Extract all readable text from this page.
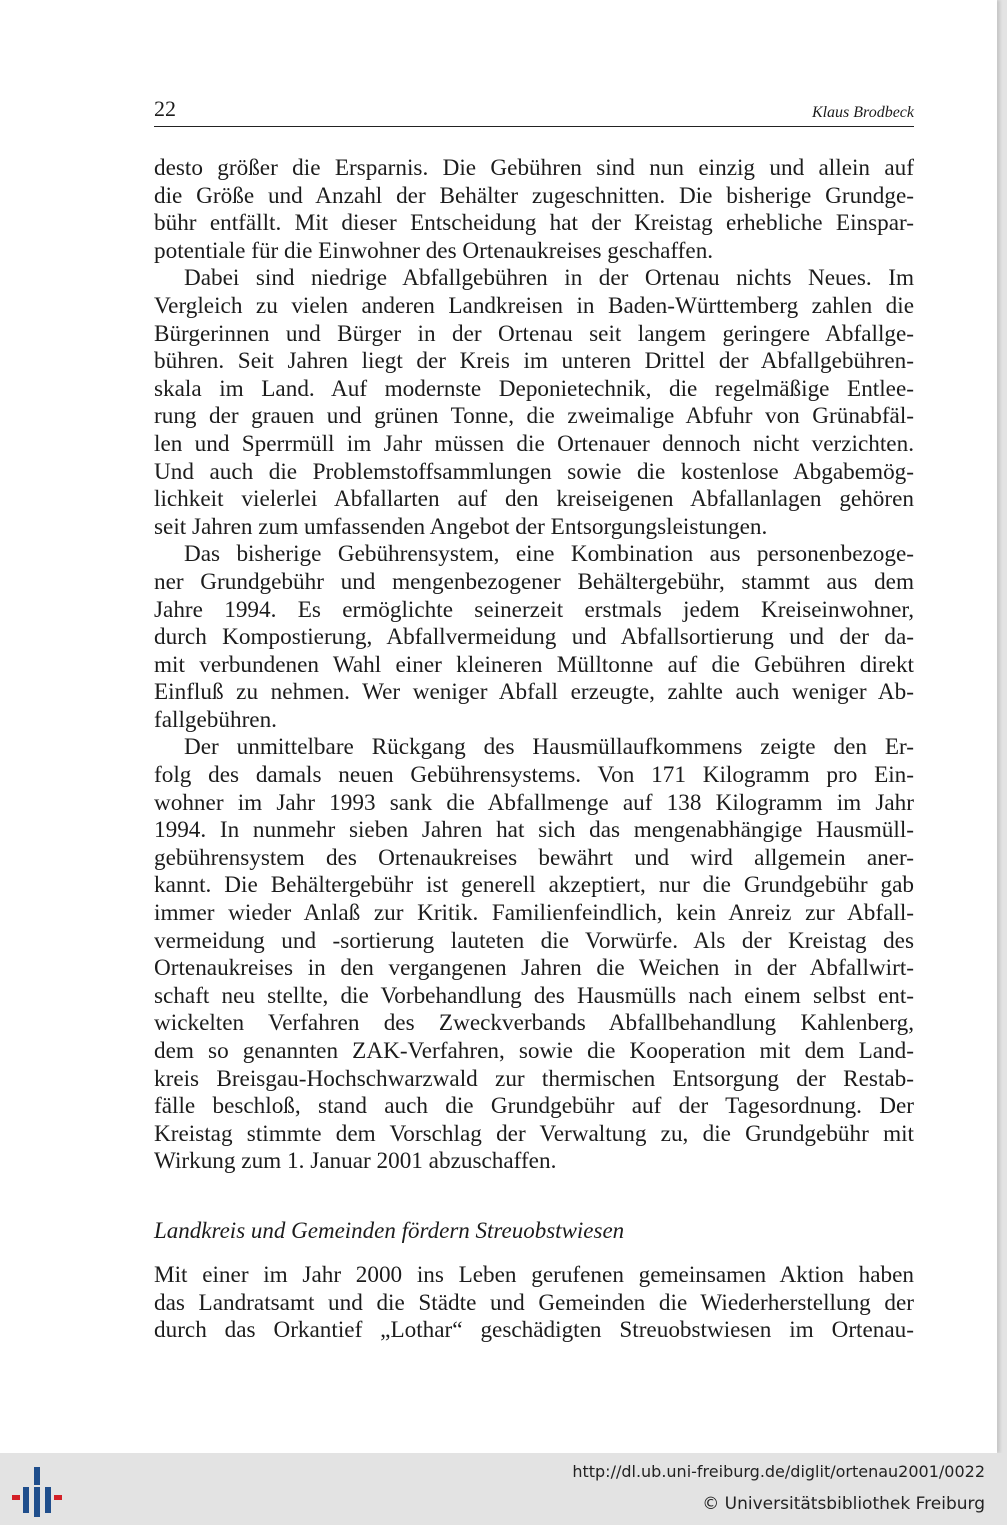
22	Klaus Brodbeck
desto größer die Ersparnis. Die Gebühren sind nun einzig und allein auf
die Größe und Anzahl der Behälter zugeschnitten. Die bisherige Grundge-
bühr entfällt. Mit dieser Entscheidung hat der Kreistag erhebliche Einspar-
potentiale für die Einwohner des Ortenaukreises geschaffen.
Dabei sind niedrige Abfallgebühren in der Ortenau nichts Neues. Im
Vergleich zu vielen anderen Landkreisen in Baden-Württemberg zahlen die
Bürgerinnen und Bürger in der Ortenau seit langem geringere Abfallge-
bühren. Seit Jahren liegt der Kreis im unteren Drittel der Abfallgebühren-
skala im Land. Auf modernste Deponietechnik, die regelmäßige Entlee-
rung der grauen und grünen Tonne, die zweimalige Abfuhr von Grünabfäl-
len und Sperrmüll im Jahr müssen die Ortenauer dennoch nicht verzichten.
Und auch die Problemstoffsammlungen sowie die kostenlose Abgabemög-
lichkeit vielerlei Abfallarten auf den kreiseigenen Abfallanlagen gehören
seit Jahren zum umfassenden Angebot der Entsorgungsleistungen.
Das bisherige Gebührensystem, eine Kombination aus personenbezoge-
ner Grundgebühr und mengenbezogener Behältergebühr, stammt aus dem
Jahre 1994. Es ermöglichte seinerzeit erstmals jedem Kreiseinwohner,
durch Kompostierung, Abfallvermeidung und Abfallsortierung und der da-
mit verbundenen Wahl einer kleineren Mülltonne auf die Gebühren direkt
Einfluß zu nehmen. Wer weniger Abfall erzeugte, zahlte auch weniger Ab-
fallgebühren.
Der unmittelbare Rückgang des Hausmüllaufkommens zeigte den Er-
folg des damals neuen Gebührensystems. Von 171 Kilogramm pro Ein-
wohner im Jahr 1993 sank die Abfallmenge auf 138 Kilogramm im Jahr
1994. In nunmehr sieben Jahren hat sich das mengenabhängige Hausmüll-
gebührensystem des Ortenaukreises bewährt und wird allgemein aner-
kannt. Die Behältergebühr ist generell akzeptiert, nur die Grundgebühr gab
immer wieder Anlaß zur Kritik. Familienfeindlich, kein Anreiz zur Abfall-
vermeidung und -sortierung lauteten die Vorwürfe. Als der Kreistag des
Ortenaukreises in den vergangenen Jahren die Weichen in der Abfallwirt-
schaft neu stellte, die Vorbehandlung des Hausmülls nach einem selbst ent-
wickelten Verfahren des Zweckverbands Abfallbehandlung Kahlenberg,
dem so genannten ZAK-Verfahren, sowie die Kooperation mit dem Land-
kreis Breisgau-Hochschwarzwald zur thermischen Entsorgung der Restab-
fälle beschloß, stand auch die Grundgebühr auf der Tagesordnung. Der
Kreistag stimmte dem Vorschlag der Verwaltung zu, die Grundgebühr mit
Wirkung zum 1. Januar 2001 abzuschaffen.
Landkreis und Gemeinden fördern Streuobstwiesen
Mit einer im Jahr 2000 ins Leben gerufenen gemeinsamen Aktion haben
das Landratsamt und die Städte und Gemeinden die Wiederherstellung der
durch das Orkantief „Lothar“ geschädigten Streuobstwiesen im Ortenau-
http://dl.ub.uni-freiburg.de/diglit/ortenau2001/0022
© Universitätsbibliothek Freiburg
